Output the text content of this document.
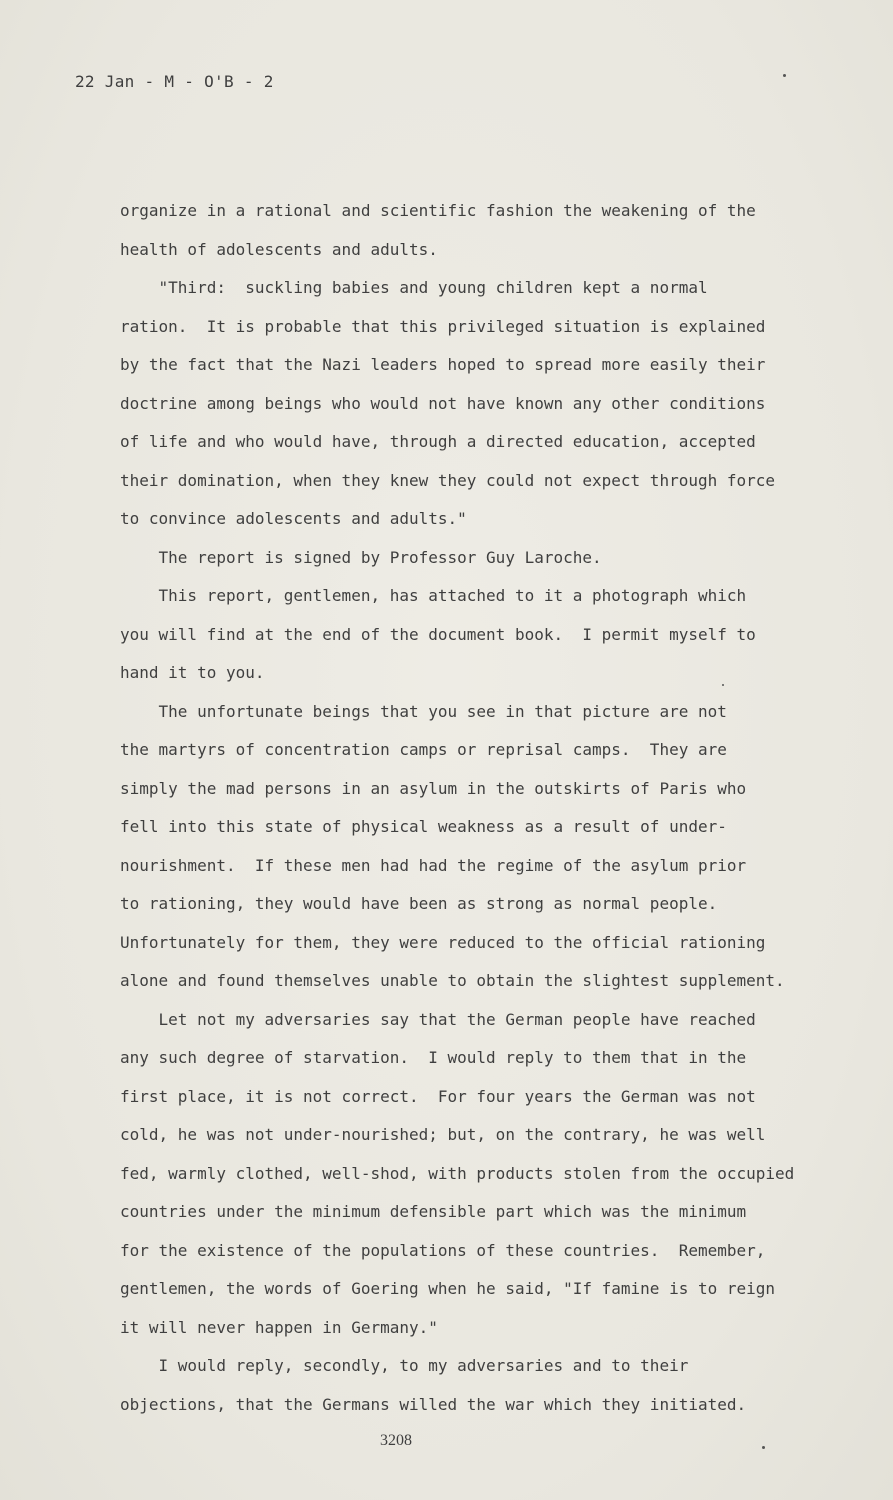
22 Jan - M - O'B - 2
organize in a rational and scientific fashion the weakening of the
health of adolescents and adults.
"Third:  suckling babies and young children kept a normal
ration.  It is probable that this privileged situation is explained
by the fact that the Nazi leaders hoped to spread more easily their
doctrine among beings who would not have known any other conditions
of life and who would have, through a directed education, accepted
their domination, when they knew they could not expect through force
to convince adolescents and adults."
The report is signed by Professor Guy Laroche.
This report, gentlemen, has attached to it a photograph which
you will find at the end of the document book.  I permit myself to
hand it to you.
The unfortunate beings that you see in that picture are not
the martyrs of concentration camps or reprisal camps.  They are
simply the mad persons in an asylum in the outskirts of Paris who
fell into this state of physical weakness as a result of under-
nourishment.  If these men had had the regime of the asylum prior
to rationing, they would have been as strong as normal people.
Unfortunately for them, they were reduced to the official rationing
alone and found themselves unable to obtain the slightest supplement.
Let not my adversaries say that the German people have reached
any such degree of starvation.  I would reply to them that in the
first place, it is not correct.  For four years the German was not
cold, he was not under-nourished; but, on the contrary, he was well
fed, warmly clothed, well-shod, with products stolen from the occupied
countries under the minimum defensible part which was the minimum
for the existence of the populations of these countries.  Remember,
gentlemen, the words of Goering when he said, "If famine is to reign
it will never happen in Germany."
I would reply, secondly, to my adversaries and to their
objections, that the Germans willed the war which they initiated.
3208
